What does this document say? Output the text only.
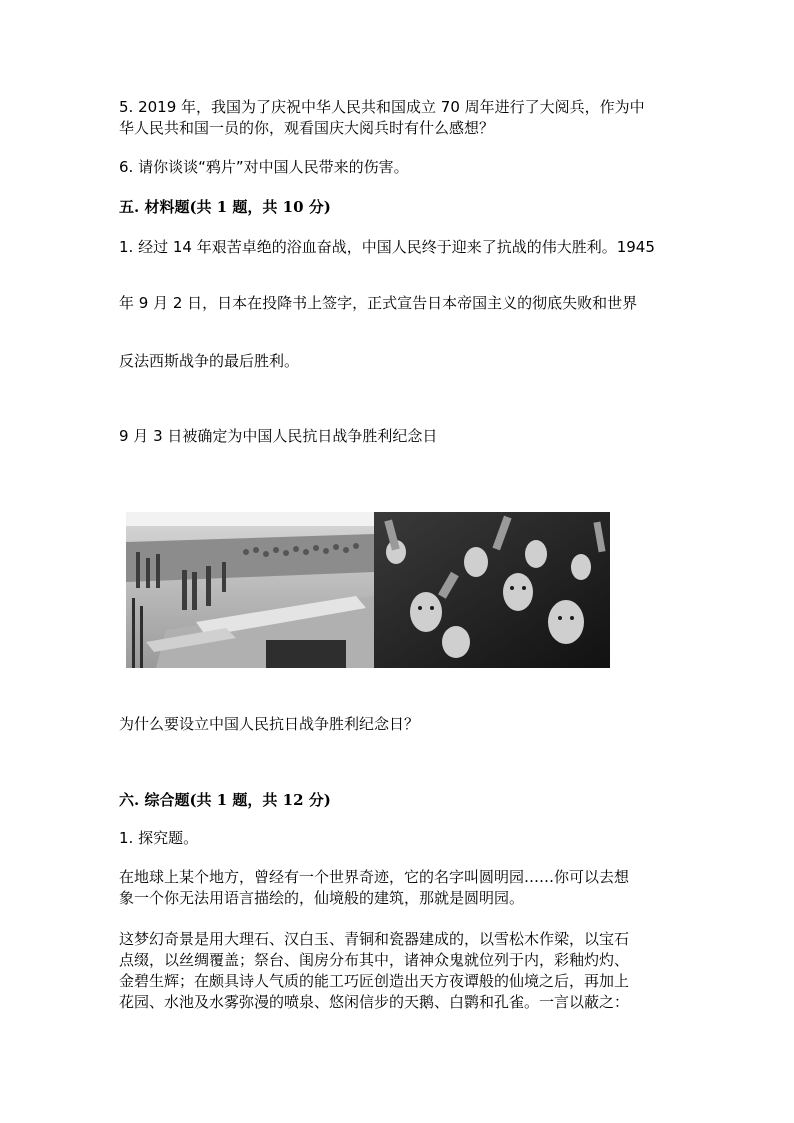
5. 2019 年，我国为了庆祝中华人民共和国成立 70 周年进行了大阅兵，作为中
华人民共和国一员的你，观看国庆大阅兵时有什么感想？
6. 请你谈谈“鸦片”对中国人民带来的伤害。
五. 材料题(共 1 题，共 10 分)
1. 经过 14 年艰苦卓绝的浴血奋战，中国人民终于迎来了抗战的伟大胜利。1945
年 9 月 2 日，日本在投降书上签字，正式宣告日本帝国主义的彻底失败和世界
反法西斯战争的最后胜利。
9 月 3 日被确定为中国人民抗日战争胜利纪念日
为什么要设立中国人民抗日战争胜利纪念日？
六. 综合题(共 1 题，共 12 分)
1. 探究题。
在地球上某个地方，曾经有一个世界奇迹，它的名字叫圆明园……你可以去想
象一个你无法用语言描绘的，仙境般的建筑，那就是圆明园。
这梦幻奇景是用大理石、汉白玉、青铜和瓷器建成的，以雪松木作梁，以宝石
点缀，以丝绸覆盖；祭台、闺房分布其中，诸神众鬼就位列于内，彩釉灼灼、
金碧生辉；在颇具诗人气质的能工巧匠创造出天方夜谭般的仙境之后，再加上
花园、水池及水雾弥漫的喷泉、悠闲信步的天鹅、白鹮和孔雀。一言以蔽之：
